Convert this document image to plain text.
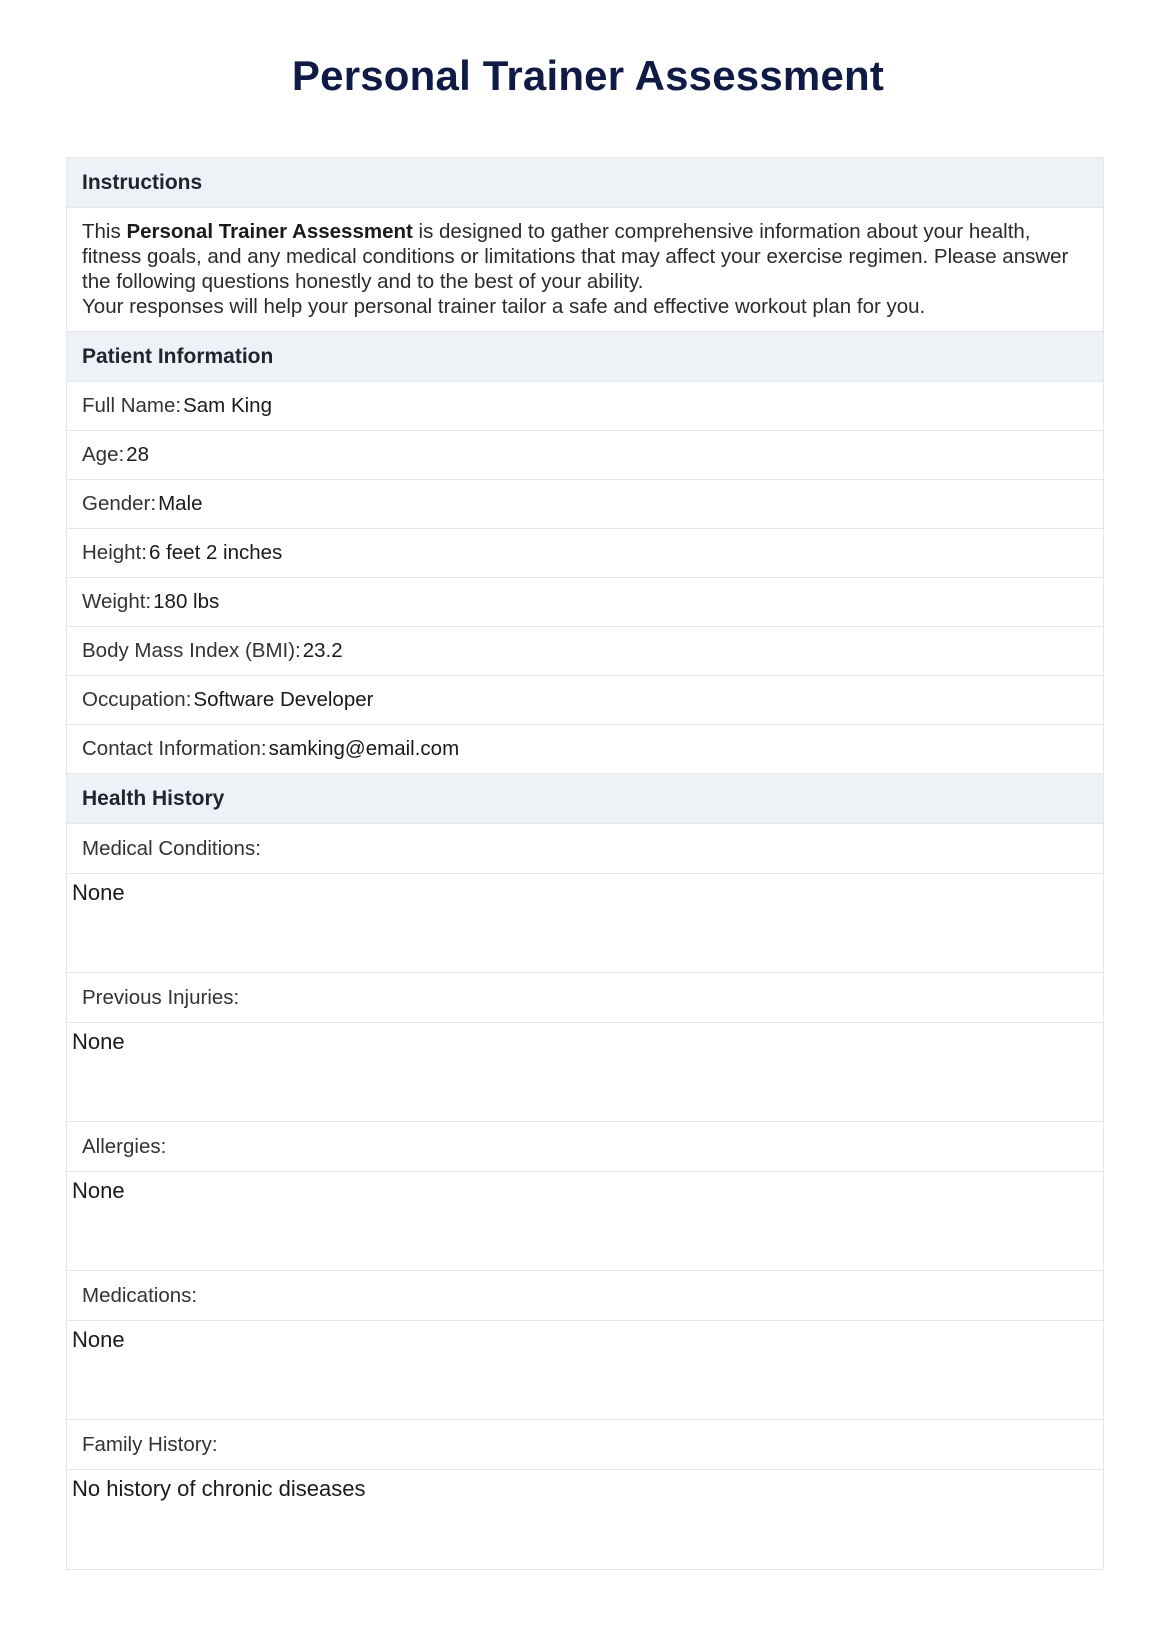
Personal Trainer Assessment
Instructions
This Personal Trainer Assessment is designed to gather comprehensive information about your health, fitness goals, and any medical conditions or limitations that may affect your exercise regimen. Please answer the following questions honestly and to the best of your ability.
Your responses will help your personal trainer tailor a safe and effective workout plan for you.
Patient Information
Full Name: Sam King
Age: 28
Gender: Male
Height: 6 feet 2 inches
Weight: 180 lbs
Body Mass Index (BMI): 23.2
Occupation: Software Developer
Contact Information: samking@email.com
Health History
Medical Conditions:
None
Previous Injuries:
None
Allergies:
None
Medications:
None
Family History:
No history of chronic diseases
